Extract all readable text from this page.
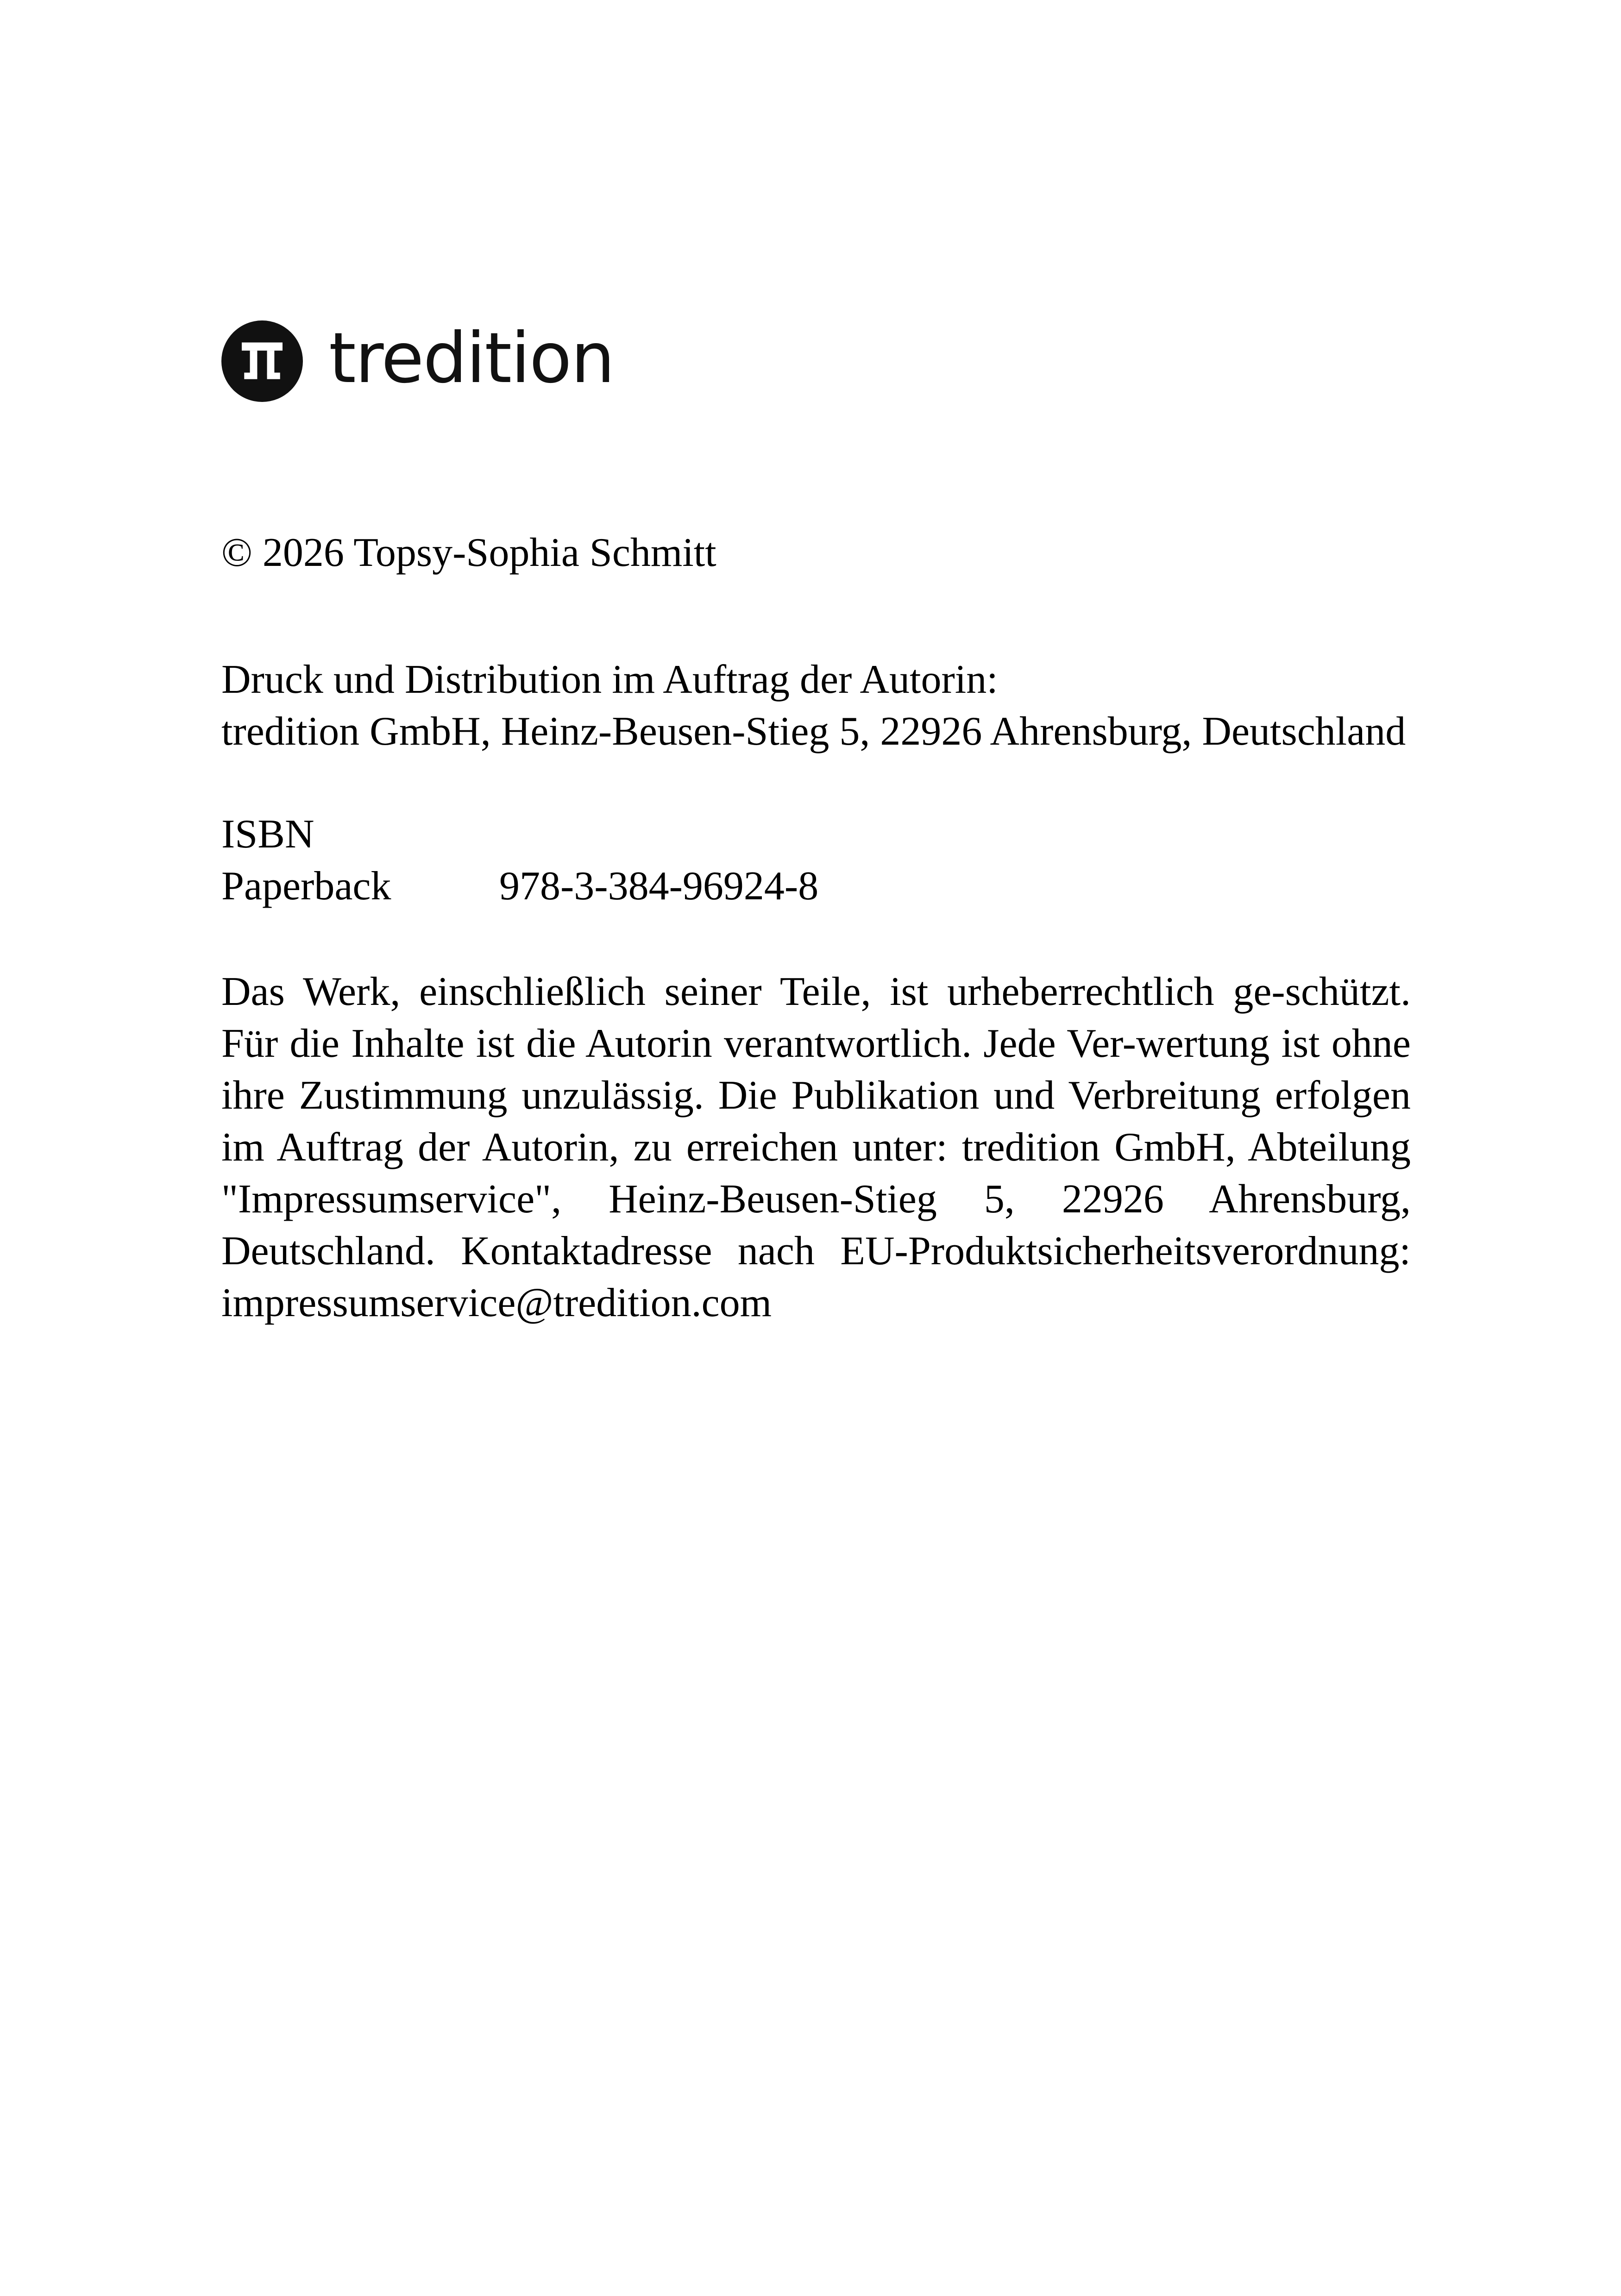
tredition

© 2026 Topsy-Sophia Schmitt

Druck und Distribution im Auftrag der Autorin:

tredition GmbH, Heinz-Beusen-Stieg 5, 22926 Ahrensburg, Deutschland

ISBN

Paperback	978-3-384-96924-8

Das Werk, einschließlich seiner Teile, ist urheberrechtlich ge-schützt. Für die Inhalte ist die Autorin verantwortlich. Jede Ver-wertung ist ohne ihre Zustimmung unzulässig. Die Publikation und Verbreitung erfolgen im Auftrag der Autorin, zu erreichen unter: tredition GmbH, Abteilung "Impressumservice", Heinz-Beusen-Stieg 5, 22926 Ahrensburg, Deutschland. Kontaktadresse nach EU-Produktsicherheitsverordnung: impressumservice@tredition.com
